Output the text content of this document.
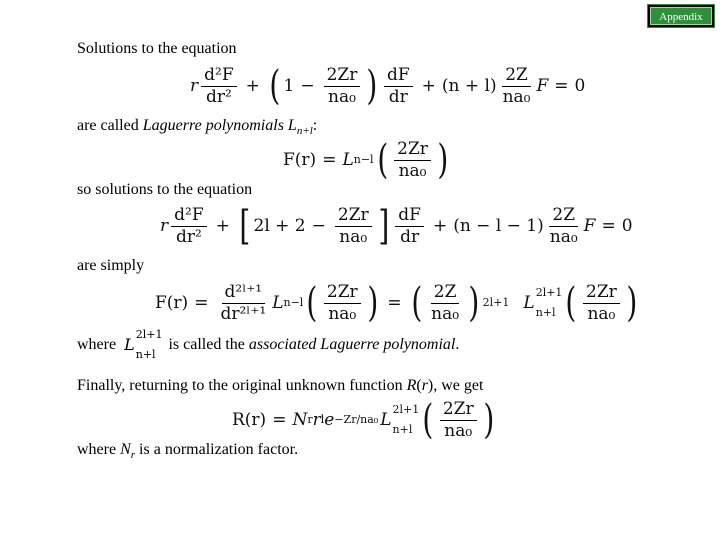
Appendix
Solutions to the equation
r $\frac{\text{d²F}}{\text{dr²}}$ + ( $1 - \frac{2Zr}{\text{na₀}}$ ) $\frac{dF}{dr} + (n + l) \frac{2Z}{\text{na₀}}$ F = 0
are called Laguerre polynomials $L_{n+l}$:
F(r) = L n−l ( $\frac{2Zr}{\text{na₀}}$ )
so solutions to the equation
r $\frac{\text{d²F}}{\text{dr²}}$ + [ $2l + 2 - \frac{2Zr}{\text{na₀}}$ ] $\frac{dF}{dr} + (n - l - 1) \frac{2Z}{\text{na₀}}$ F = 0
are simply
$F(r) = \frac{\text{d²ˡ⁺¹}}{\text{dr²ˡ⁺¹}}$ L n−l ( $\frac{2Zr}{\text{na₀}}$ ) = ( $\frac{2Z}{\text{na₀}}$ ) 2l+1 L
2l+1
n+l ( $\frac{2Zr}{\text{na₀}}$ )
where L
2l+1
n+l
is called the
associated Laguerre polynomial .
Finally, returning to the original unknown function R(r), we get
R(r) = N r r l e −Zr/na₀ L
2l+1
n+l ( $\frac{2Zr}{\text{na₀}}$ )
where $N_r$ is a normalization factor.
